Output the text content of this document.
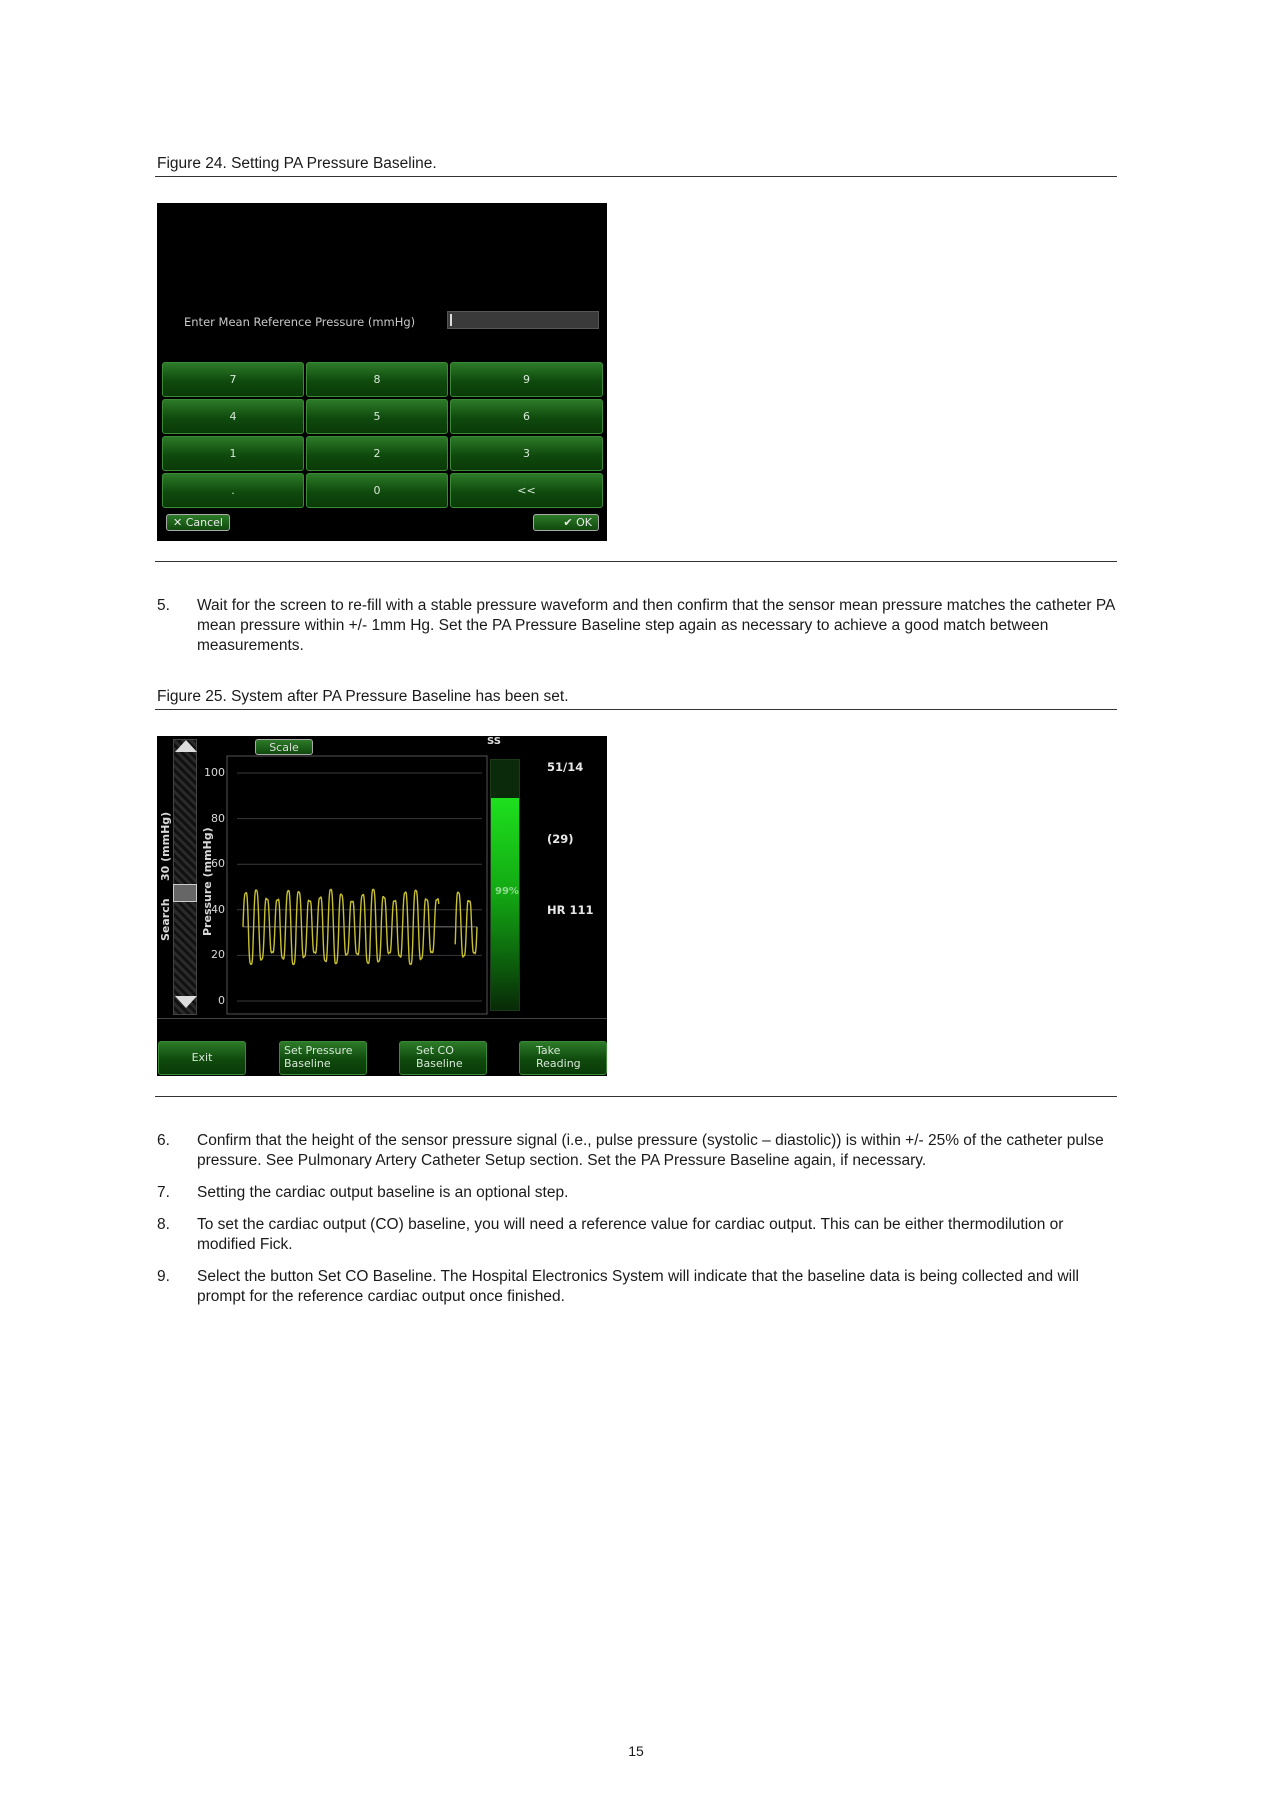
Figure 24. Setting PA Pressure Baseline.
Enter Mean Reference Pressure (mmHg)
7	8	9
4	5	6
1	2	3
.	0	<<
✕ Cancel	✔ OK
5. Wait for the screen to re-fill with a stable pressure waveform and then confirm that the sensor mean pressure matches the catheter PA mean pressure within +/- 1mm Hg. Set the PA Pressure Baseline step again as necessary to achieve a good match between measurements.
Figure 25. System after PA Pressure Baseline has been set.
Search
30 (mmHg)	Pressure (mmHg)
Scale
100
80
60
40
20
0
SS
99%
51/14
(29)
HR 111
Exit
Set Pressure
Baseline
Set CO
Baseline
Take
Reading
6. Confirm that the height of the sensor pressure signal (i.e., pulse pressure (systolic – diastolic)) is within +/- 25% of the catheter pulse pressure. See Pulmonary Artery Catheter Setup section. Set the PA Pressure Baseline again, if necessary.
7. Setting the cardiac output baseline is an optional step.
8. To set the cardiac output (CO) baseline, you will need a reference value for cardiac output. This can be either thermodilution or modified Fick.
9. Select the button Set CO Baseline. The Hospital Electronics System will indicate that the baseline data is being collected and will prompt for the reference cardiac output once finished.
15
